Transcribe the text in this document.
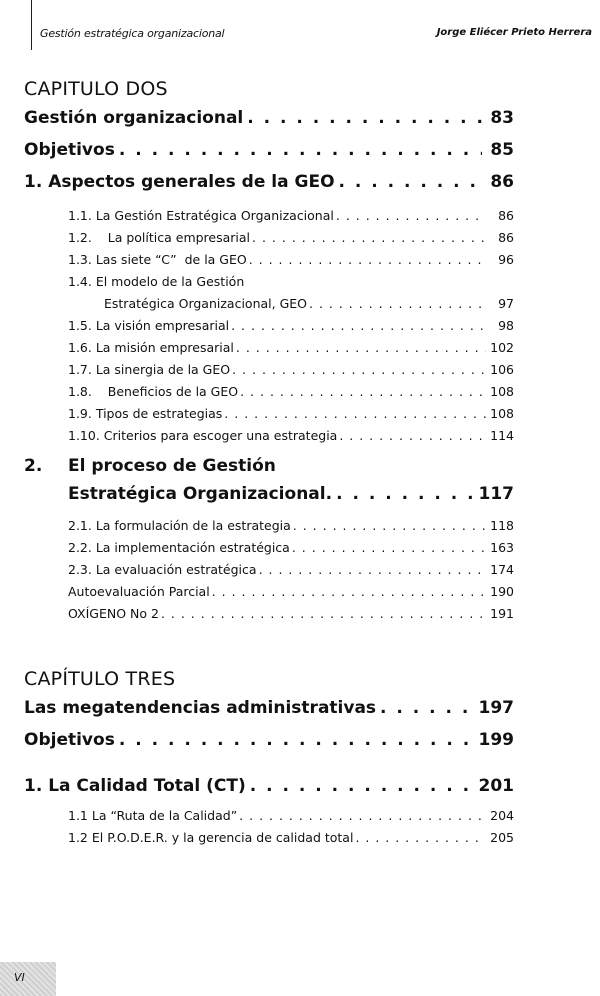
Gestión estratégica organizacional	Jorge Eliécer Prieto Herrera
CAPITULO DOS
Gestión organizacional . . .	83
Objetivos . . .	85
1. Aspectos generales de la GEO . . .	86
1.1. La Gestión Estratégica Organizacional . . .	86
1.2.    La política empresarial . . .	86
1.3. Las siete “C”  de la GEO . . .	96
1.4. El modelo de la Gestión
Estratégica Organizacional, GEO . . .	97
1.5. La visión empresarial . . .	98
1.6. La misión empresarial . . .	102
1.7. La sinergia de la GEO . . .	106
1.8.    Beneficios de la GEO . . .	108
1.9. Tipos de estrategias . . .	108
1.10. Criterios para escoger una estrategia . . .	114
2.	El proceso de Gestión
Estratégica Organizacional. . . .	117
2.1. La formulación de la estrategia . . .	118
2.2. La implementación estratégica . . .	163
2.3. La evaluación estratégica . . .	174
Autoevaluación Parcial . . .	190
OXÍGENO No 2 . . .	191
CAPÍTULO TRES
Las megatendencias administrativas . . .	197
Objetivos . . .	199
1. La Calidad Total (CT) . . .	201
1.1 La “Ruta de la Calidad” . . .	204
1.2 El P.O.D.E.R. y la gerencia de calidad total . . .	205
VI
